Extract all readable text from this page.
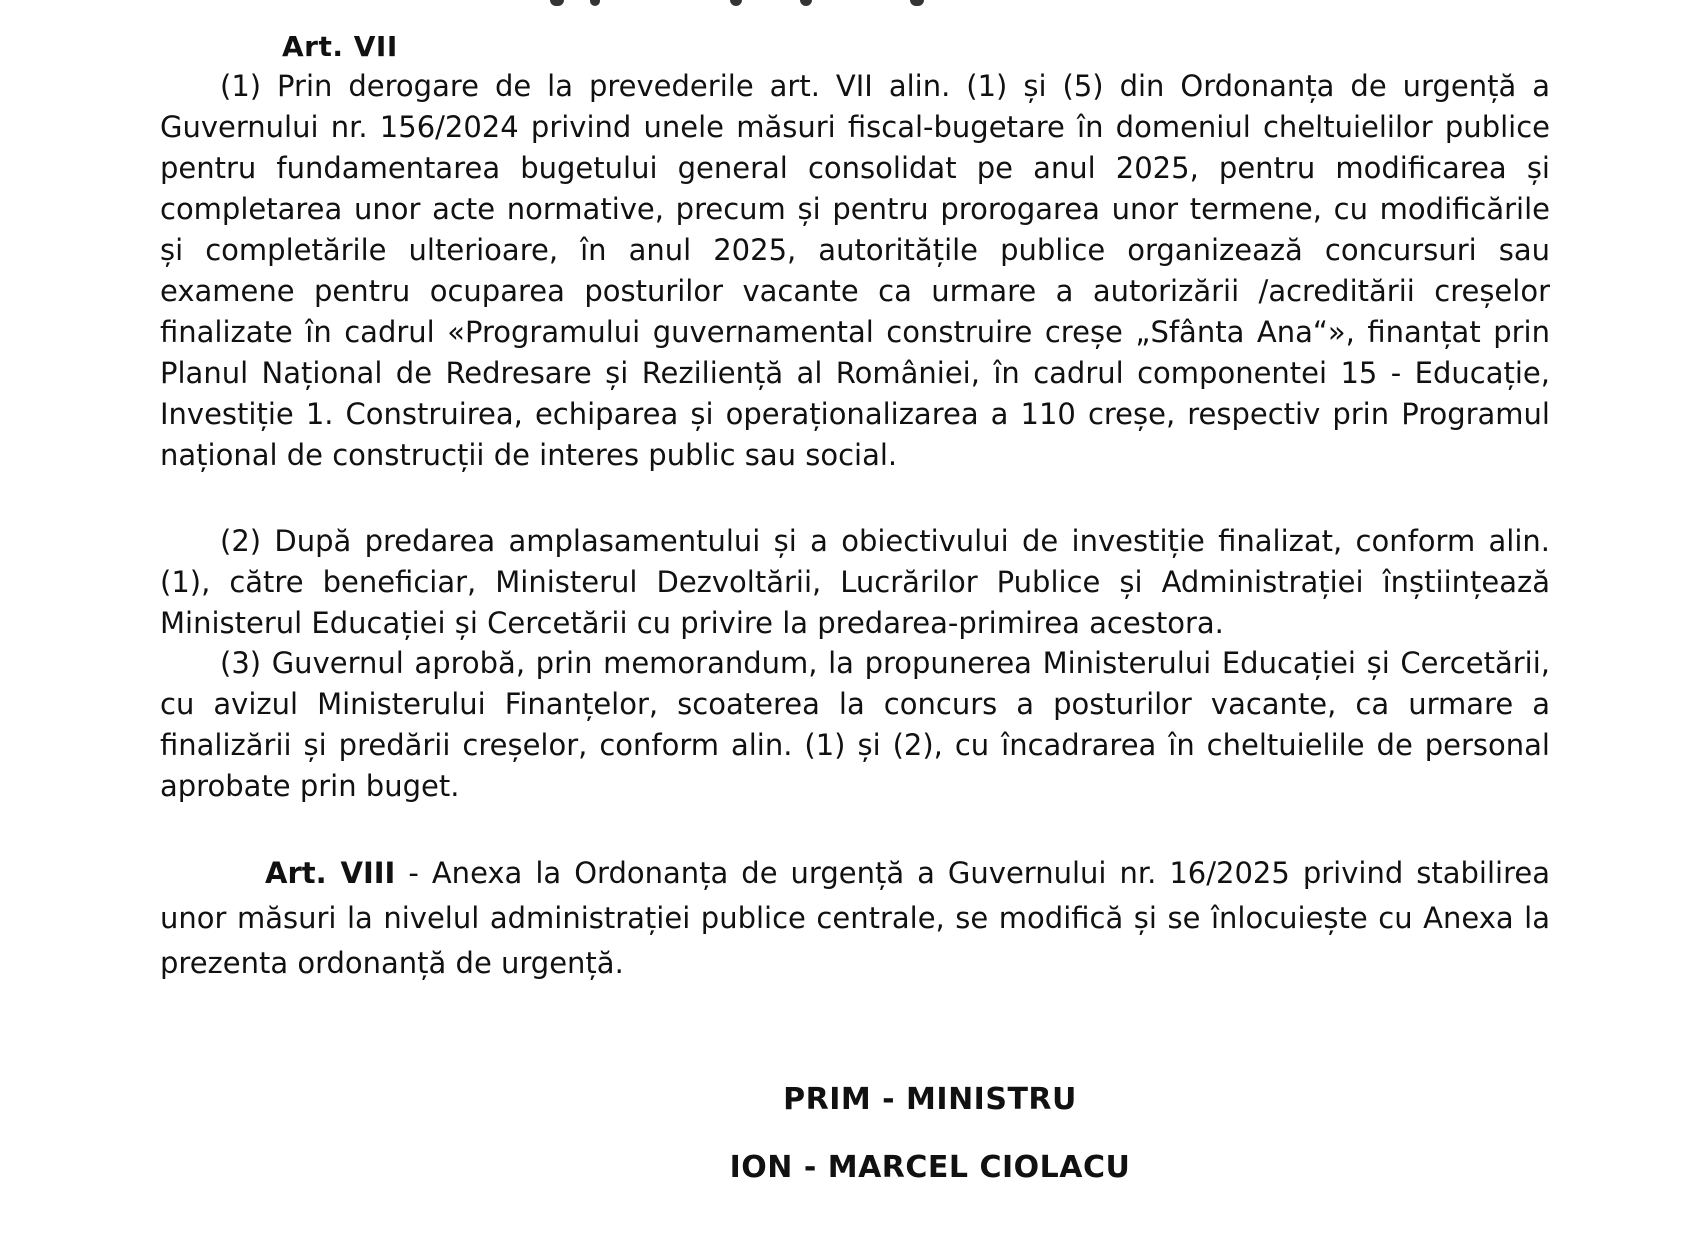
Art. VII

(1) Prin derogare de la prevederile art. VII alin. (1) și (5) din Ordonanța de urgență a Guvernului nr. 156/2024 privind unele măsuri fiscal-bugetare în domeniul cheltuielilor publice pentru fundamentarea bugetului general consolidat pe anul 2025, pentru modificarea și completarea unor acte normative, precum și pentru prorogarea unor termene, cu modificările și completările ulterioare, în anul 2025, autoritățile publice organizează concursuri sau examene pentru ocuparea posturilor vacante ca urmare a autorizării /acreditării creșelor finalizate în cadrul «Programului guvernamental construire creșe „Sfânta Ana“», finanțat prin Planul Național de Redresare și Reziliență al României, în cadrul componentei 15 - Educație, Investiție 1. Construirea, echiparea și operaționalizarea a 110 creșe, respectiv prin Programul național de construcții de interes public sau social.

(2) După predarea amplasamentului și a obiectivului de investiție finalizat, conform alin. (1), către beneficiar, Ministerul Dezvoltării, Lucrărilor Publice și Administrației înștiințează Ministerul Educației și Cercetării cu privire la predarea-primirea acestora.

(3) Guvernul aprobă, prin memorandum, la propunerea Ministerului Educației și Cercetării, cu avizul Ministerului Finanțelor, scoaterea la concurs a posturilor vacante, ca urmare a finalizării și predării creșelor, conform alin. (1) și (2), cu încadrarea în cheltuielile de personal aprobate prin buget.

Art. VIII - Anexa la Ordonanța de urgență a Guvernului nr. 16/2025 privind stabilirea unor măsuri la nivelul administrației publice centrale, se modifică și se înlocuiește cu Anexa la prezenta ordonanță de urgență.

PRIM - MINISTRU
ION - MARCEL CIOLACU
